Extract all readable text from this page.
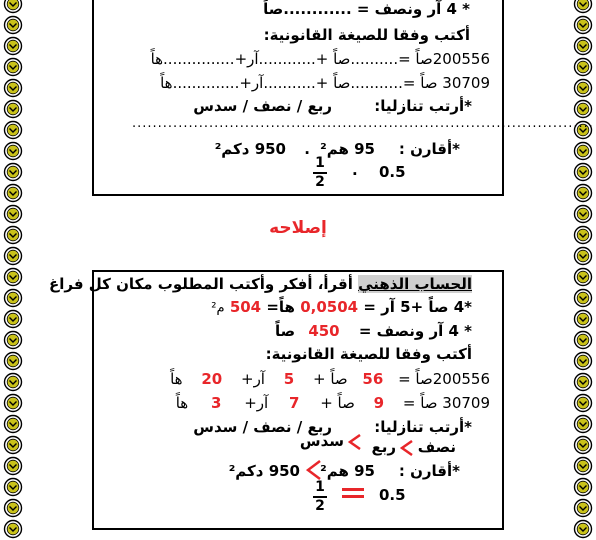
* 4 آر ونصف = ............صاً
أكتب وفقا للصيغة القانونية:
200556صاً =..........صاً +............آر+...............هاً
30709 صاً =...........صاً +...........آر+..............هاً
*أرتب تنازليا:
ربع / نصف / سدس
..........................................................................................
*أقارن :
95 هم²
.
950 دكم²
1
2
. 0.5
إصلاحه
الحساب الذهني أقرأ، أفكر وأكتب المطلوب مكان كل فراغ
*4 صاً +5 آر = 0,0504 هاً= 504 م²
* 4 آر ونصف = 450 صاً
أكتب وفقا للصيغة القانونية:
200556صاً = 56 صاً + 5 آر+ 20 هاً
30709 صاً = 9 صاً + 7 آر+ 3 هاً
*أرتب تنازليا:
ربع / نصف / سدس
نصف
ربع
سدس
*أقارن :
95 هم²
950 دكم²
1
2
0.5
